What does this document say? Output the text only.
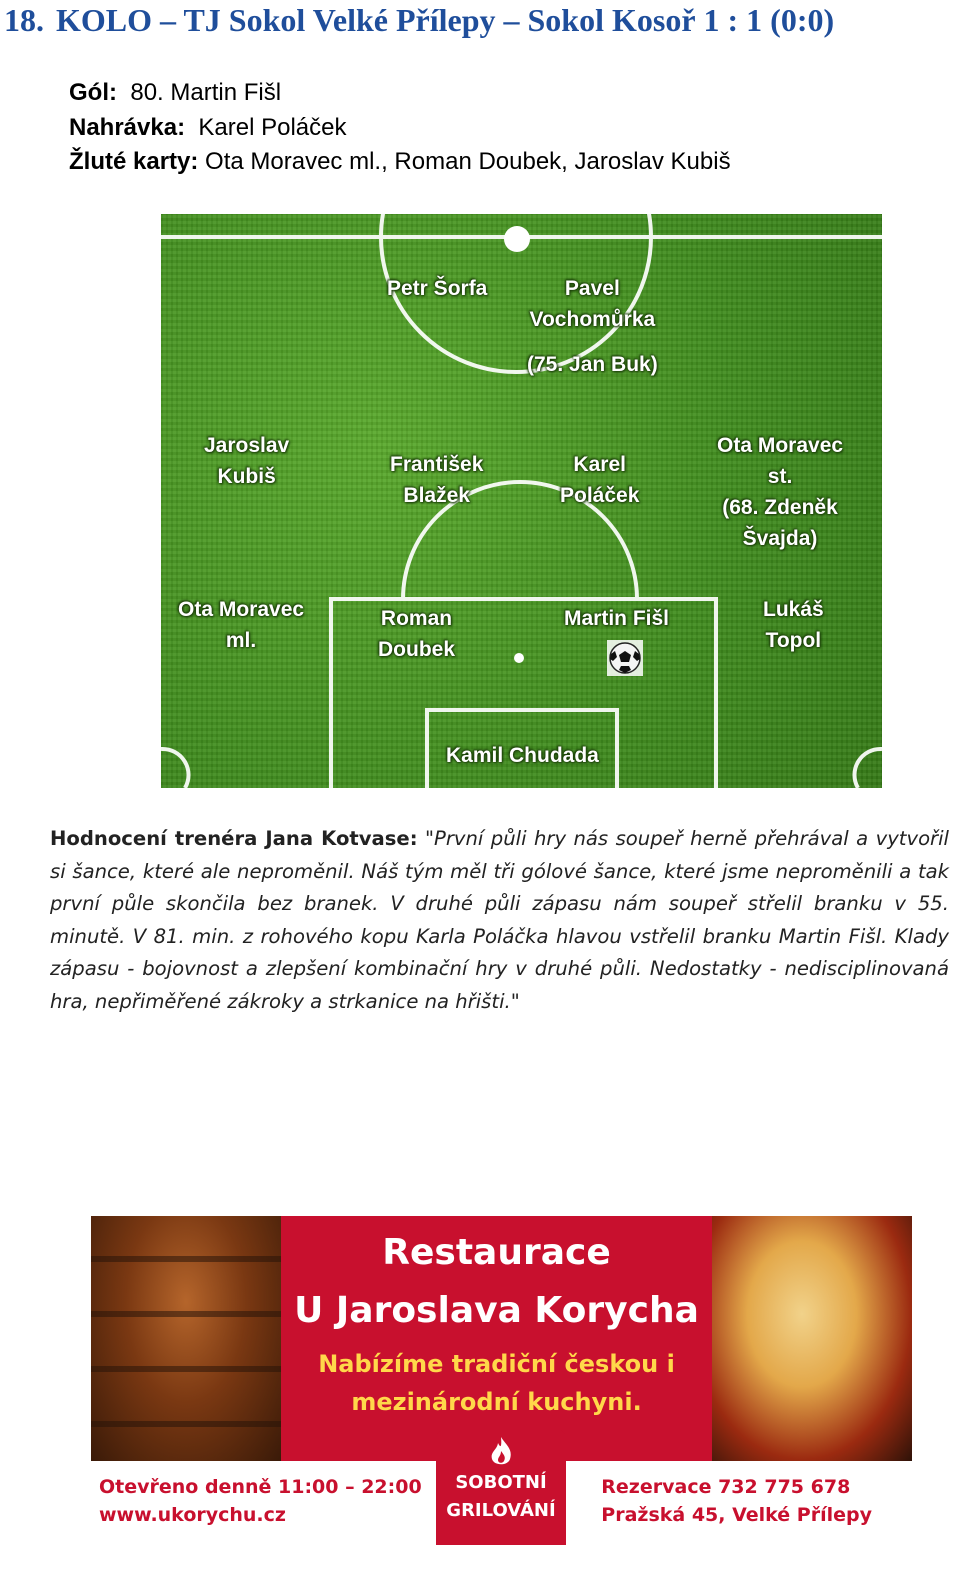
18. KOLO – TJ Sokol Velké Přílepy – Sokol Kosoř 1 : 1 (0:0)
Gól: 80. Martin Fišl
Nahrávka: Karel Poláček
Žluté karty: Ota Moravec ml., Roman Doubek, Jaroslav Kubiš
Petr Šorfa	Pavel
Vochomůrka
(75. Jan Buk)
Jaroslav
Kubiš
František
Blažek
Karel
Poláček
Ota Moravec
st.
(68. Zdeněk
Švajda)
Ota Moravec
ml.
Roman
Doubek
Martin Fišl	Lukáš
Topol
Kamil Chudada
Hodnocení trenéra Jana Kotvase: "První půli hry nás soupeř herně přehrával a vytvořil si šance, které ale neproměnil. Náš tým měl tři gólové šance, které jsme neproměnili a tak první půle skončila bez branek. V druhé půli zápasu nám soupeř střelil branku v 55. minutě. V 81. min. z rohového kopu Karla Poláčka hlavou vstřelil branku Martin Fišl. Klady zápasu - bojovnost a zlepšení kombinační hry v druhé půli. Nedostatky - nedisciplinovaná hra, nepřiměřené zákroky a strkanice na hřišti."
Restaurace
U Jaroslava Korycha
Nabízíme tradiční českou i
mezinárodní kuchyni.
Otevřeno denně 11:00 – 22:00
www.ukorychu.cz
SOBOTNÍ
GRILOVÁNÍ
Rezervace 732 775 678
Pražská 45, Velké Přílepy
